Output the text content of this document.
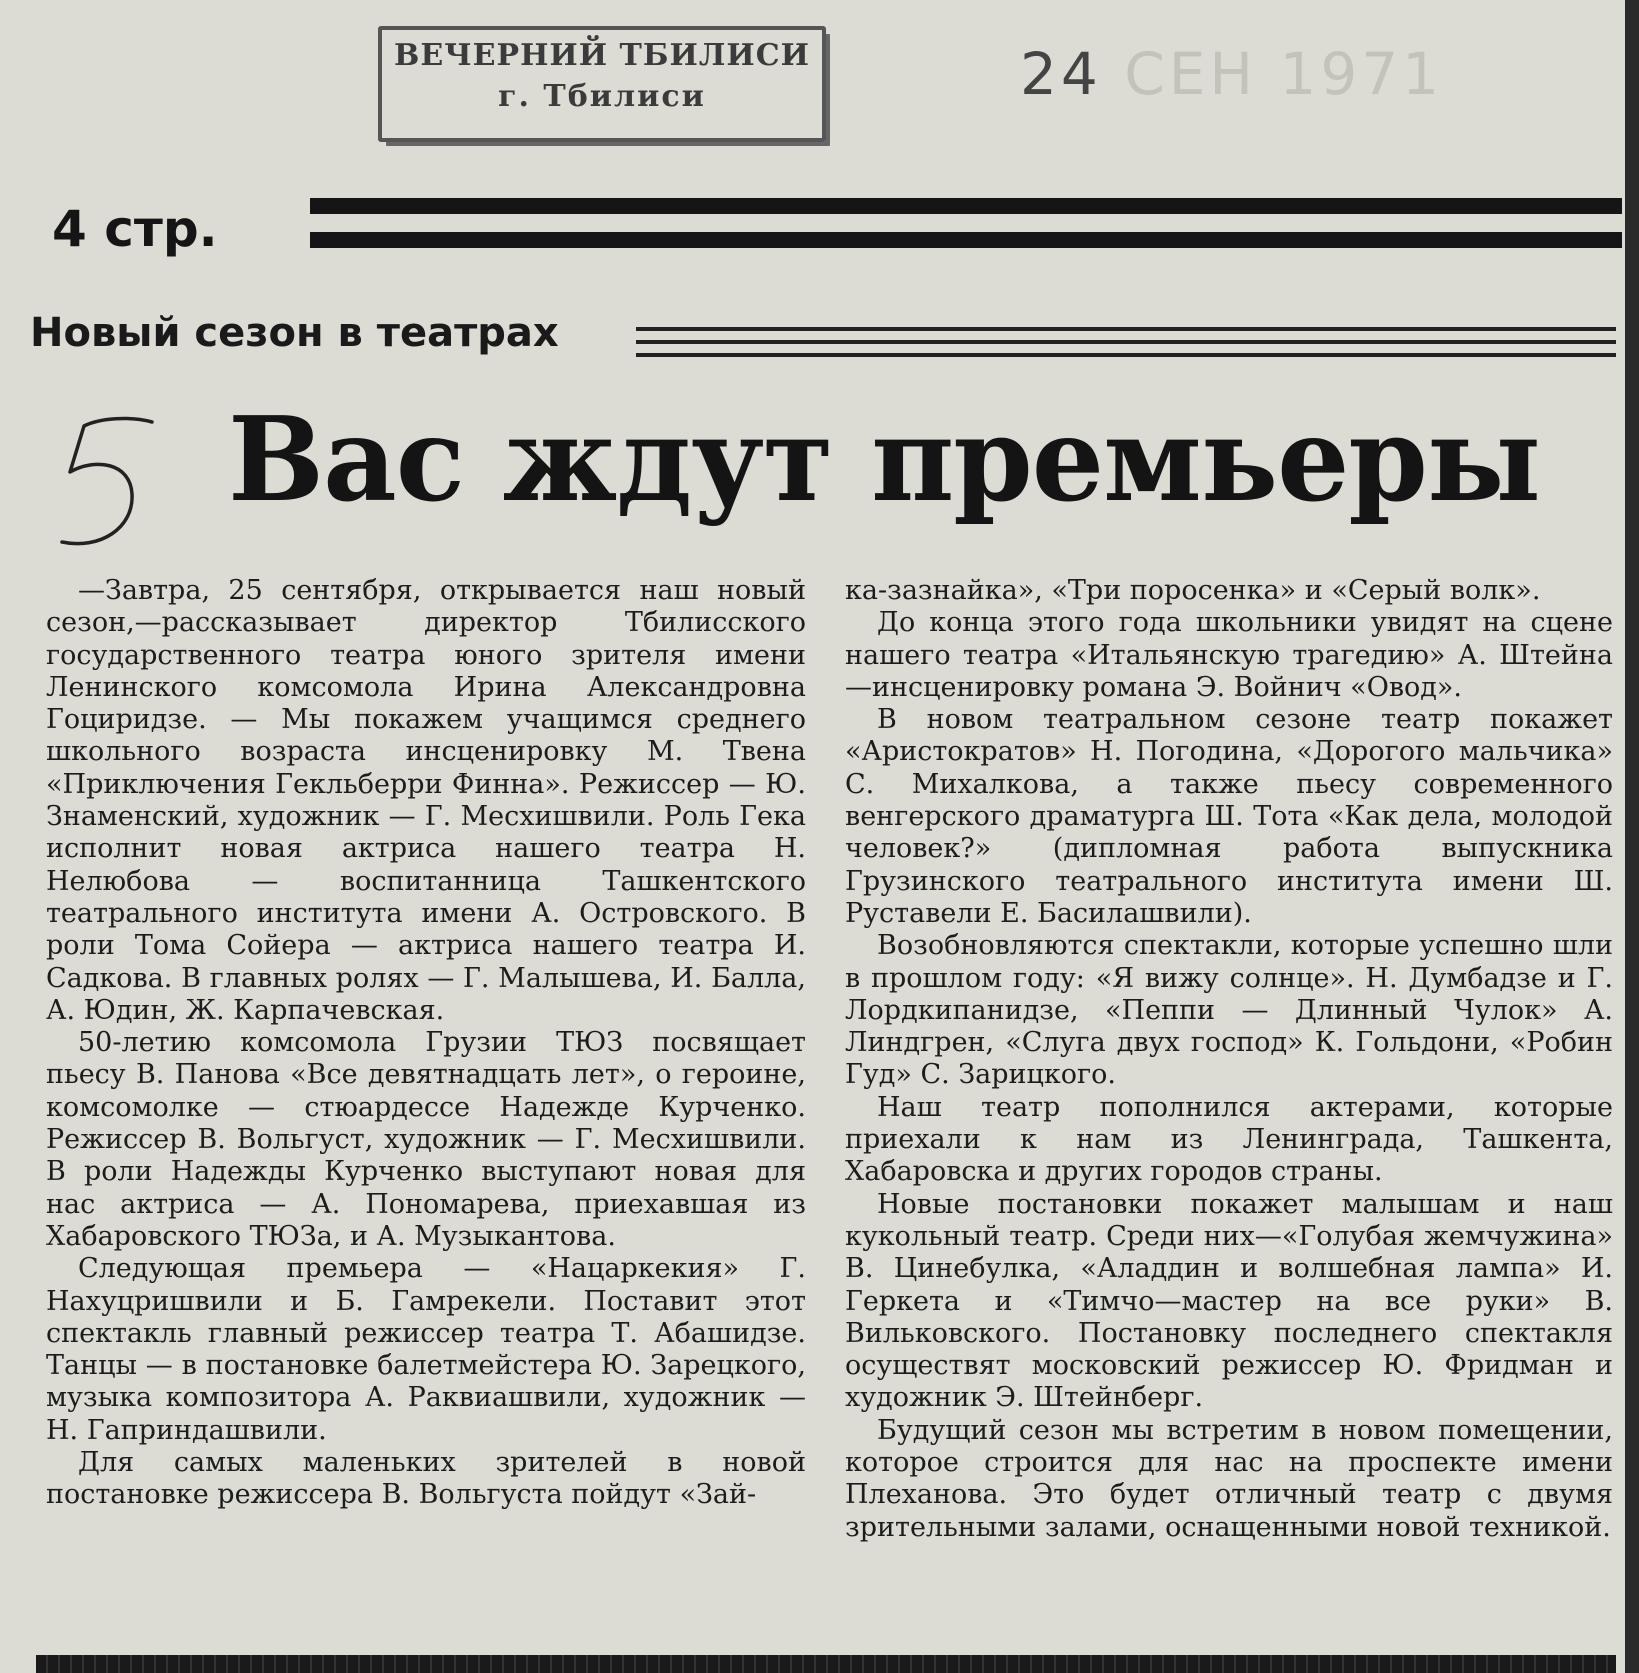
ВЕЧЕРНИЙ ТБИЛИСИ
г. Тбилиси	24 СЕН 1971
4 стр.
Новый сезон в театрах
Вас ждут премьеры

—Завтра, 25 сентября, открывается наш новый сезон,—рассказывает директор Тбилисского государственного театра юного зрителя имени Ленинского комсомола Ирина Александровна Гоциридзе. — Мы покажем учащимся среднего школьного возраста инсценировку М. Твена «Приключения Гекльберри Финна». Режиссер — Ю. Знаменский, художник — Г. Месхишвили. Роль Гека исполнит новая актриса нашего театра Н. Нелюбова — воспитанница Ташкентского театрального института имени А. Островского. В роли Тома Сойера — актриса нашего театра И. Садкова. В главных ролях — Г. Малышева, И. Балла, А. Юдин, Ж. Карпачевская.

50-летию комсомола Грузии ТЮЗ посвящает пьесу В. Панова «Все девятнадцать лет», о героине, комсомолке — стюардессе Надежде Курченко. Режиссер В. Вольгуст, художник — Г. Месхишвили. В роли Надежды Курченко выступают новая для нас актриса — А. Пономарева, приехавшая из Хабаровского ТЮЗа, и А. Музыкантова.

Следующая премьера — «Нацаркекия» Г. Нахуцришвили и Б. Гамрекели. Поставит этот спектакль главный режиссер театра Т. Абашидзе. Танцы — в постановке балетмейстера Ю. Зарецкого, музыка композитора А. Раквиашвили, художник — Н. Гаприндашвили.

Для самых маленьких зрителей в новой постановке режиссера В. Вольгуста пойдут «Зай-

ка-зазнайка», «Три поросенка» и «Серый волк».

До конца этого года школьники увидят на сцене нашего театра «Итальянскую трагедию» А. Штейна—инсценировку романа Э. Войнич «Овод».

В новом театральном сезоне театр покажет «Аристократов» Н. Погодина, «Дорогого мальчика» С. Михалкова, а также пьесу современного венгерского драматурга Ш. Тота «Как дела, молодой человек?» (дипломная работа выпускника Грузинского театрального института имени Ш. Руставели Е. Басилашвили).

Возобновляются спектакли, которые успешно шли в прошлом году: «Я вижу солнце». Н. Думбадзе и Г. Лордкипанидзе, «Пеппи — Длинный Чулок» А. Линдгрен, «Слуга двух господ» К. Гольдони, «Робин Гуд» С. Зарицкого.

Наш театр пополнился актерами, которые приехали к нам из Ленинграда, Ташкента, Хабаровска и других городов страны.

Новые постановки покажет малышам и наш кукольный театр. Среди них—«Голубая жемчужина» В. Цинебулка, «Аладдин и волшебная лампа» И. Геркета и «Тимчо—мастер на все руки» В. Вильковского. Постановку последнего спектакля осуществят московский режиссер Ю. Фридман и художник Э. Штейнберг.

Будущий сезон мы встретим в новом помещении, которое строится для нас на проспекте имени Плеханова. Это будет отличный театр с двумя зрительными залами, оснащенными новой техникой.
